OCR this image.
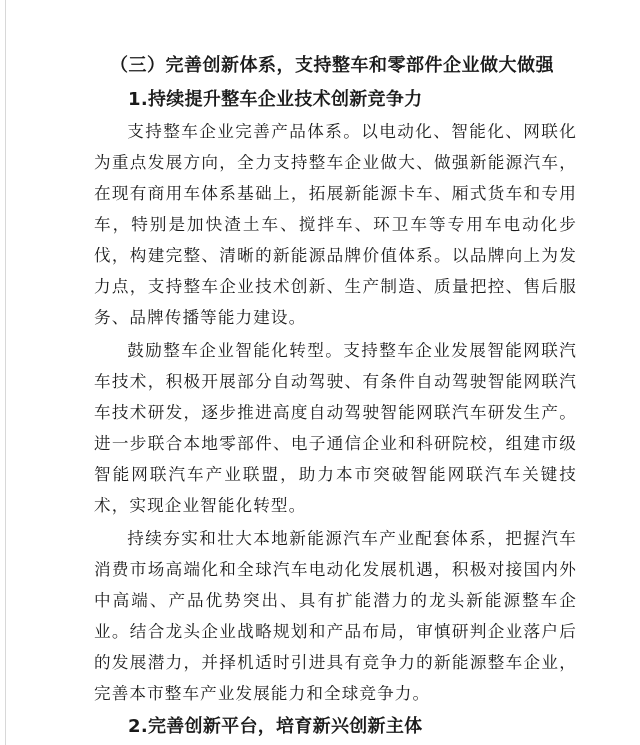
（三）完善创新体系，支持整车和零部件企业做大做强
1.持续提升整车企业技术创新竞争力

支持整车企业完善产品体系。以电动化、智能化、网联化为重点发展方向，全力支持整车企业做大、做强新能源汽车，在现有商用车体系基础上，拓展新能源卡车、厢式货车和专用车，特别是加快渣土车、搅拌车、环卫车等专用车电动化步伐，构建完整、清晰的新能源品牌价值体系。以品牌向上为发力点，支持整车企业技术创新、生产制造、质量把控、售后服务、品牌传播等能力建设。

鼓励整车企业智能化转型。支持整车企业发展智能网联汽车技术，积极开展部分自动驾驶、有条件自动驾驶智能网联汽车技术研发，逐步推进高度自动驾驶智能网联汽车研发生产。进一步联合本地零部件、电子通信企业和科研院校，组建市级智能网联汽车产业联盟，助力本市突破智能网联汽车关键技术，实现企业智能化转型。

持续夯实和壮大本地新能源汽车产业配套体系，把握汽车消费市场高端化和全球汽车电动化发展机遇，积极对接国内外中高端、产品优势突出、具有扩能潜力的龙头新能源整车企业。结合龙头企业战略规划和产品布局，审慎研判企业落户后的发展潜力，并择机适时引进具有竞争力的新能源整车企业，完善本市整车产业发展能力和全球竞争力。

2.完善创新平台，培育新兴创新主体
